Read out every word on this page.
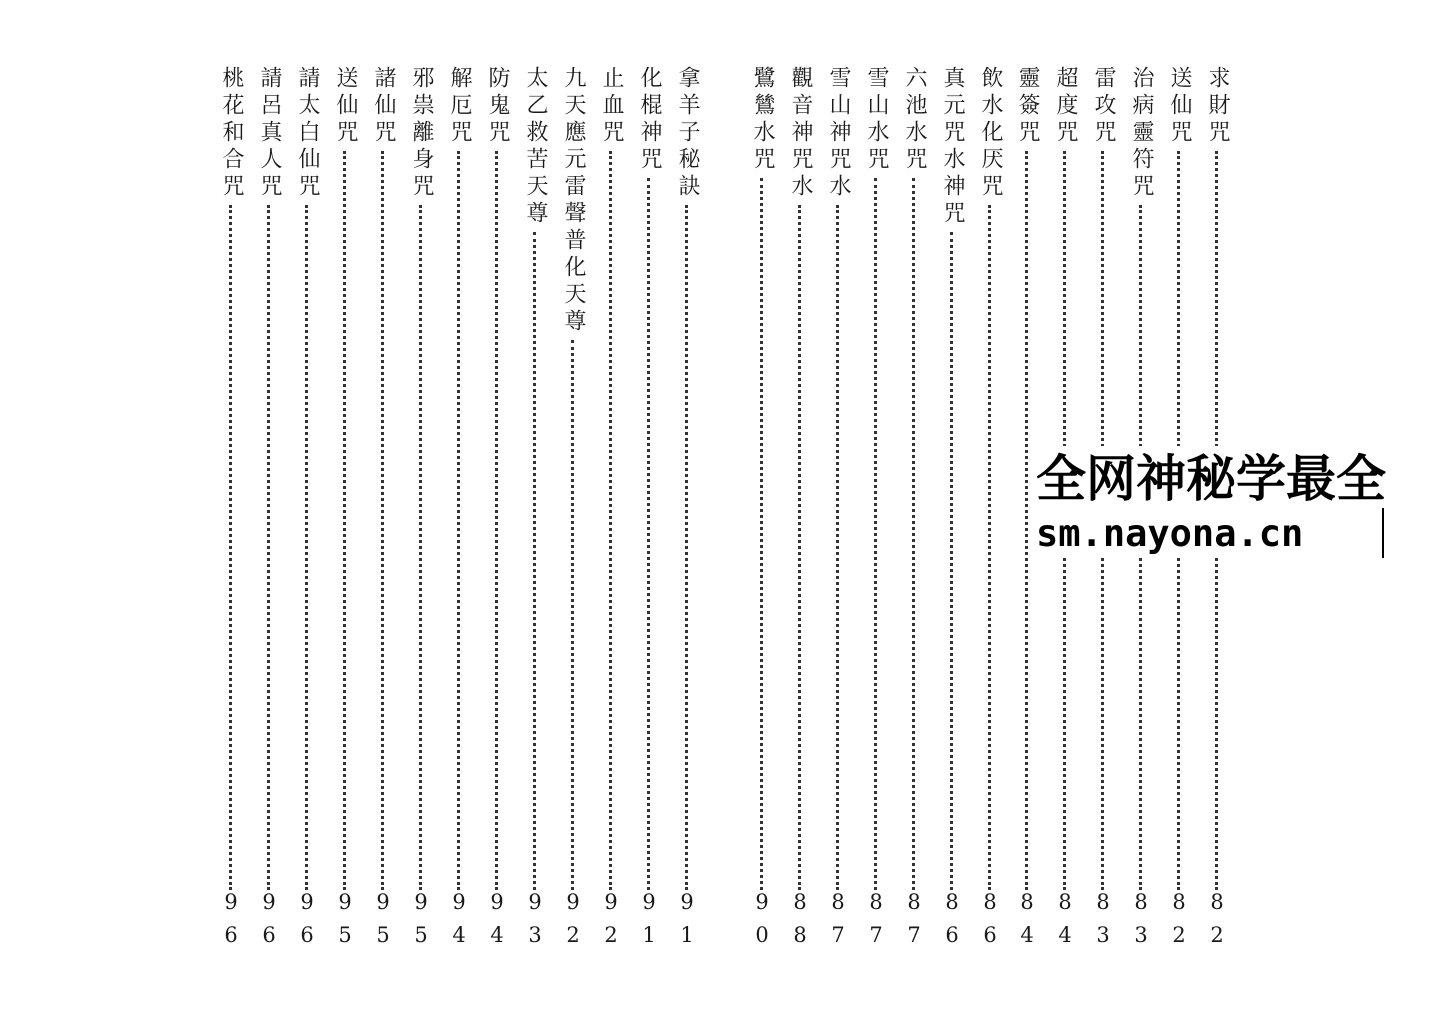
求財咒
82
送仙咒
82
治病靈符咒
83
雷攻咒
83
超度咒
84
靈簽咒
84
飲水化厌咒
86
真元咒水神咒
86
六池水咒
87
雪山水咒
87
雪山神咒水
87
觀音神咒水
88
鷺鷥水咒
90
拿羊子秘訣
91
化棍神咒
91
止血咒
92
九天應元雷聲普化天尊
92
太乙救苦天尊
93
防鬼咒
94
解厄咒
94
邪祟離身咒
95
諸仙咒
95
送仙咒
95
請太白仙咒
96
請呂真人咒
96
桃花和合咒
96
全网神秘学最全
sm.nayona.cn
